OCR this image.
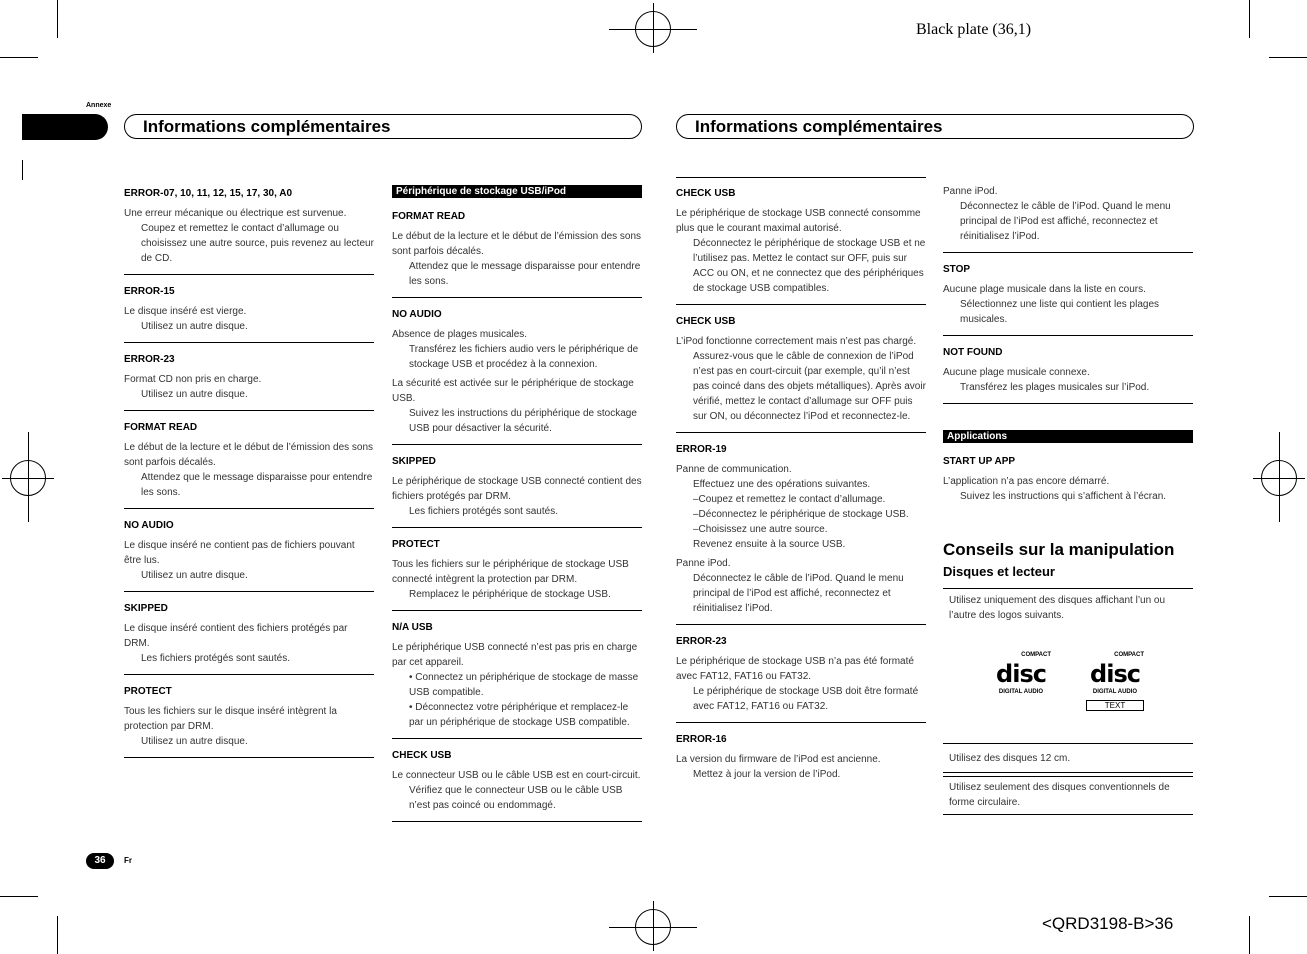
Black plate (36,1)
<QRD3198-B>36
Annexe
Informations complémentaires	Informations complémentaires
ERROR-07, 10, 11, 12, 15, 17, 30, A0

Une erreur mécanique ou électrique est survenue.

Coupez et remettez le contact d’allumage ou choisissez une autre source, puis revenez au lecteur de CD.

ERROR-15

Le disque inséré est vierge.

Utilisez un autre disque.

ERROR-23

Format CD non pris en charge.

Utilisez un autre disque.

FORMAT READ

Le début de la lecture et le début de l’émission des sons sont parfois décalés.

Attendez que le message disparaisse pour entendre les sons.

NO AUDIO

Le disque inséré ne contient pas de fichiers pouvant être lus.

Utilisez un autre disque.

SKIPPED

Le disque inséré contient des fichiers protégés par DRM.

Les fichiers protégés sont sautés.

PROTECT

Tous les fichiers sur le disque inséré intègrent la protection par DRM.

Utilisez un autre disque.

Périphérique de stockage USB/iPod
FORMAT READ

Le début de la lecture et le début de l’émission des sons sont parfois décalés.

Attendez que le message disparaisse pour entendre les sons.

NO AUDIO

Absence de plages musicales.

Transférez les fichiers audio vers le périphérique de stockage USB et procédez à la connexion.

La sécurité est activée sur le périphérique de stockage USB.

Suivez les instructions du périphérique de stockage USB pour désactiver la sécurité.

SKIPPED

Le périphérique de stockage USB connecté contient des fichiers protégés par DRM.

Les fichiers protégés sont sautés.

PROTECT

Tous les fichiers sur le périphérique de stockage USB connecté intègrent la protection par DRM.

Remplacez le périphérique de stockage USB.

N/A USB

Le périphérique USB connecté n’est pas pris en charge par cet appareil.

• Connectez un périphérique de stockage de masse USB compatible.

• Déconnectez votre périphérique et remplacez-le par un périphérique de stockage USB compatible.

CHECK USB

Le connecteur USB ou le câble USB est en court-circuit.

Vérifiez que le connecteur USB ou le câble USB n’est pas coincé ou endommagé.

CHECK USB

Le périphérique de stockage USB connecté consomme plus que le courant maximal autorisé.

Déconnectez le périphérique de stockage USB et ne l’utilisez pas. Mettez le contact sur OFF, puis sur ACC ou ON, et ne connectez que des périphériques de stockage USB compatibles.

CHECK USB

L’iPod fonctionne correctement mais n’est pas chargé.

Assurez-vous que le câble de connexion de l’iPod n’est pas en court-circuit (par exemple, qu’il n’est pas coincé dans des objets métalliques). Après avoir vérifié, mettez le contact d’allumage sur OFF puis sur ON, ou déconnectez l’iPod et reconnectez-le.

ERROR-19

Panne de communication.

Effectuez une des opérations suivantes.

–Coupez et remettez le contact d’allumage.

–Déconnectez le périphérique de stockage USB.

–Choisissez une autre source.

Revenez ensuite à la source USB.

Panne iPod.

Déconnectez le câble de l’iPod. Quand le menu principal de l’iPod est affiché, reconnectez et réinitialisez l’iPod.

ERROR-23

Le périphérique de stockage USB n’a pas été formaté avec FAT12, FAT16 ou FAT32.

Le périphérique de stockage USB doit être formaté avec FAT12, FAT16 ou FAT32.

ERROR-16

La version du firmware de l’iPod est ancienne.

Mettez à jour la version de l’iPod.

Panne iPod.

Déconnectez le câble de l’iPod. Quand le menu principal de l’iPod est affiché, reconnectez et réinitialisez l’iPod.

STOP

Aucune plage musicale dans la liste en cours.

Sélectionnez une liste qui contient les plages musicales.

NOT FOUND

Aucune plage musicale connexe.

Transférez les plages musicales sur l’iPod.

Applications
START UP APP

L’application n’a pas encore démarré.

Suivez les instructions qui s’affichent à l’écran.

Conseils sur la manipulation
Disques et lecteur

Utilisez uniquement des disques affichant l’un ou l’autre des logos suivants.

COMPACT
disc
DIGITAL AUDIO
COMPACT
disc
DIGITAL AUDIO
TEXT

Utilisez des disques 12 cm.

Utilisez seulement des disques conventionnels de forme circulaire.

36	Fr
